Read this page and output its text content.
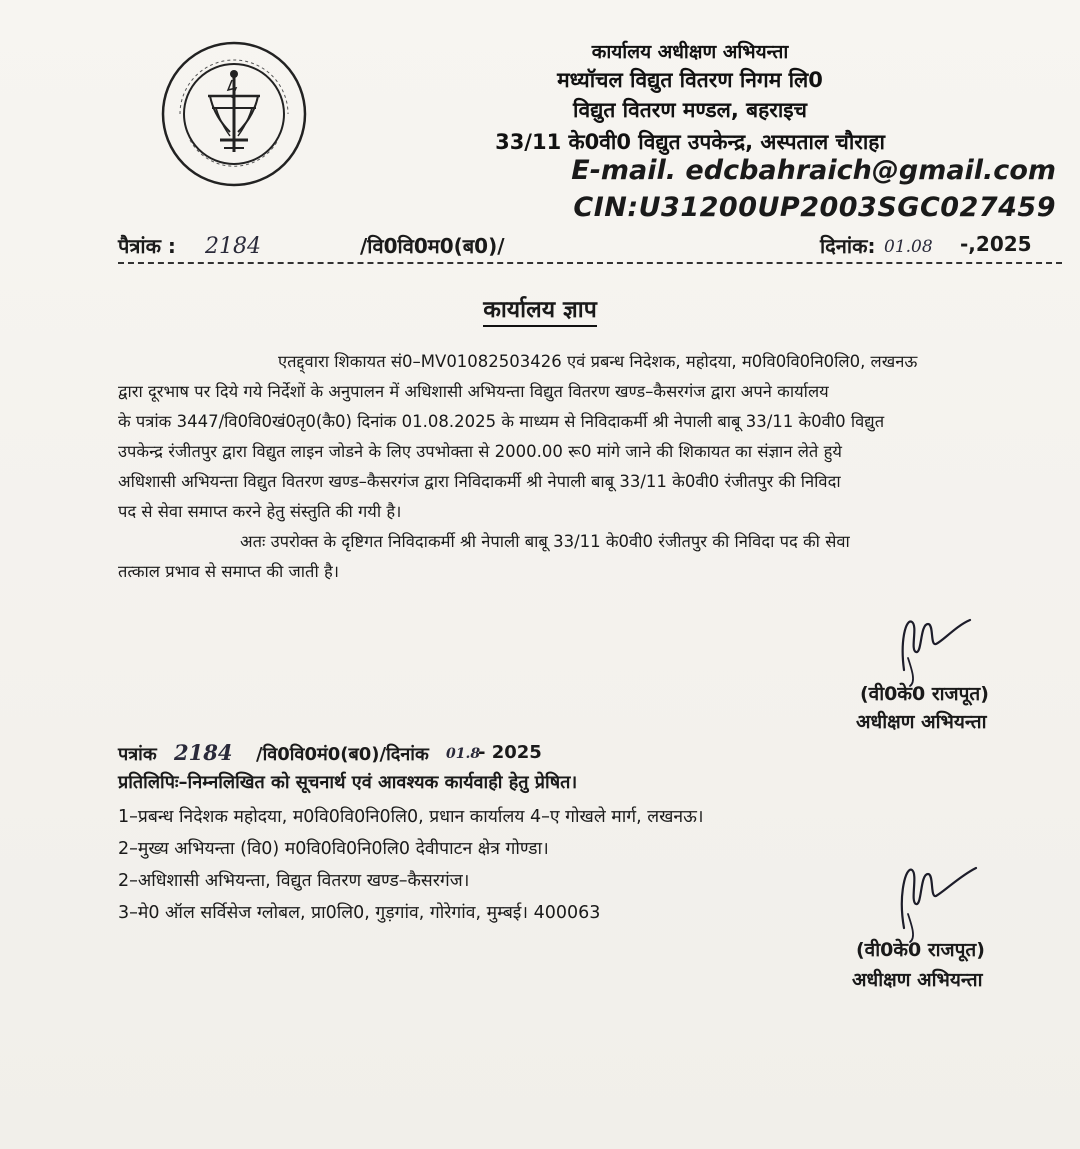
कार्यालय अधीक्षण अभियन्ता
मध्यॉचल विद्युत वितरण निगम लि0
विद्युत वितरण मण्डल, बहराइच
33/11 के0वी0 विद्युत उपकेन्द्र, अस्पताल चौराहा
E-mail. edcbahraich@gmail.com
CIN:U31200UP2003SGC027459
पैत्रांक : 2184	/वि0वि0म0(ब0)/	दिनांक: 01.08 -,2025
कार्यालय ज्ञाप
एतद्द्वारा शिकायत सं0–MV01082503426 एवं प्रबन्ध निदेशक, महोदया, म0वि0वि0नि0लि0, लखनऊ
द्वारा दूरभाष पर दिये गये निर्देशों के अनुपालन में अधिशासी अभियन्ता विद्युत वितरण खण्ड–कैसरगंज द्वारा अपने कार्यालय
के पत्रांक 3447/वि0वि0खं0तृ0(कै0) दिनांक 01.08.2025 के माध्यम से निविदाकर्मी श्री नेपाली बाबू 33/11 के0वी0 विद्युत
उपकेन्द्र रंजीतपुर द्वारा विद्युत लाइन जोडने के लिए उपभोक्ता से 2000.00 रू0 मांगे जाने की शिकायत का संज्ञान लेते हुये
अधिशासी अभियन्ता विद्युत वितरण खण्ड–कैसरगंज द्वारा निविदाकर्मी श्री नेपाली बाबू 33/11 के0वी0 रंजीतपुर की निविदा
पद से सेवा समाप्त करने हेतु संस्तुति की गयी है।
अतः उपरोक्त के दृष्टिगत निविदाकर्मी श्री नेपाली बाबू 33/11 के0वी0 रंजीतपुर की निविदा पद की सेवा
तत्काल प्रभाव से समाप्त की जाती है।
(वी0के0 राजपूत)
अधीक्षण अभियन्ता
पत्रांक 2184 /वि0वि0मं0(ब0)/दिनांक 01.8
- 2025
प्रतिलिपिः–निम्नलिखित को सूचनार्थ एवं आवश्यक कार्यवाही हेतु प्रेषित।
1–प्रबन्ध निदेशक महोदया, म0वि0वि0नि0लि0, प्रधान कार्यालय 4–ए गोखले मार्ग, लखनऊ।
2–मुख्य अभियन्ता (वि0) म0वि0वि0नि0लि0 देवीपाटन क्षेत्र गोण्डा।
2–अधिशासी अभियन्ता, विद्युत वितरण खण्ड–कैसरगंज।
3–मे0 ऑल सर्विसेज ग्लोबल, प्रा0लि0, गुड़गांव, गोरेगांव, मुम्बई। 400063
(वी0के0 राजपूत)
अधीक्षण अभियन्ता
